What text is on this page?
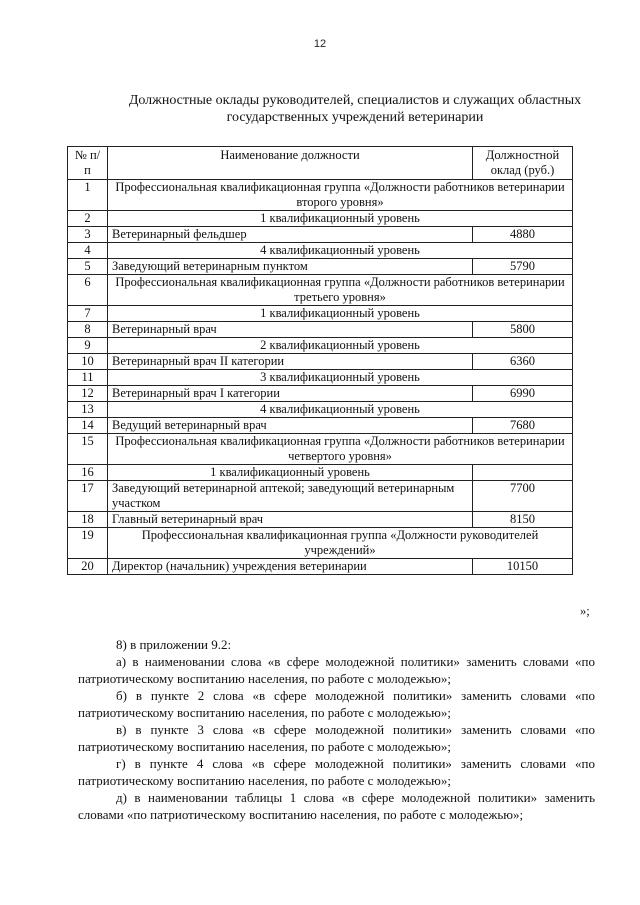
12
Должностные оклады руководителей, специалистов и служащих областных государственных учреждений ветеринарии
№ п/п	Наименование должности	Должностной оклад (руб.)
1	Профессиональная квалификационная группа «Должности работников ветеринарии второго уровня»	
2	1 квалификационный уровень	
3	Ветеринарный фельдшер	4880
4	4 квалификационный уровень	
5	Заведующий ветеринарным пунктом	5790
6	Профессиональная квалификационная группа «Должности работников ветеринарии третьего уровня»	
7	1 квалификационный уровень	
8	Ветеринарный врач	5800
9	2 квалификационный уровень	
10	Ветеринарный врач II категории	6360
11	3 квалификационный уровень	
12	Ветеринарный врач I категории	6990
13	4 квалификационный уровень	
14	Ведущий ветеринарный врач	7680
15	Профессиональная квалификационная группа «Должности работников ветеринарии четвертого уровня»	
16	1 квалификационный уровень	
17	Заведующий ветеринарной аптекой; заведующий ветеринарным участком	7700
18	Главный ветеринарный врач	8150
19	Профессиональная квалификационная группа «Должности руководителей учреждений»	
20	Директор (начальник) учреждения ветеринарии	10150
»;

8) в приложении 9.2:

а) в наименовании слова «в сфере молодежной политики» заменить словами «по патриотическому воспитанию населения, по работе с молодежью»;

б) в пункте 2 слова «в сфере молодежной политики» заменить словами «по патриотическому воспитанию населения, по работе с молодежью»;

в) в пункте 3 слова «в сфере молодежной политики» заменить словами «по патриотическому воспитанию населения, по работе с молодежью»;

г) в пункте 4 слова «в сфере молодежной политики» заменить словами «по патриотическому воспитанию населения, по работе с молодежью»;

д) в наименовании таблицы 1 слова «в сфере молодежной политики» заменить словами «по патриотическому воспитанию населения, по работе с молодежью»;
